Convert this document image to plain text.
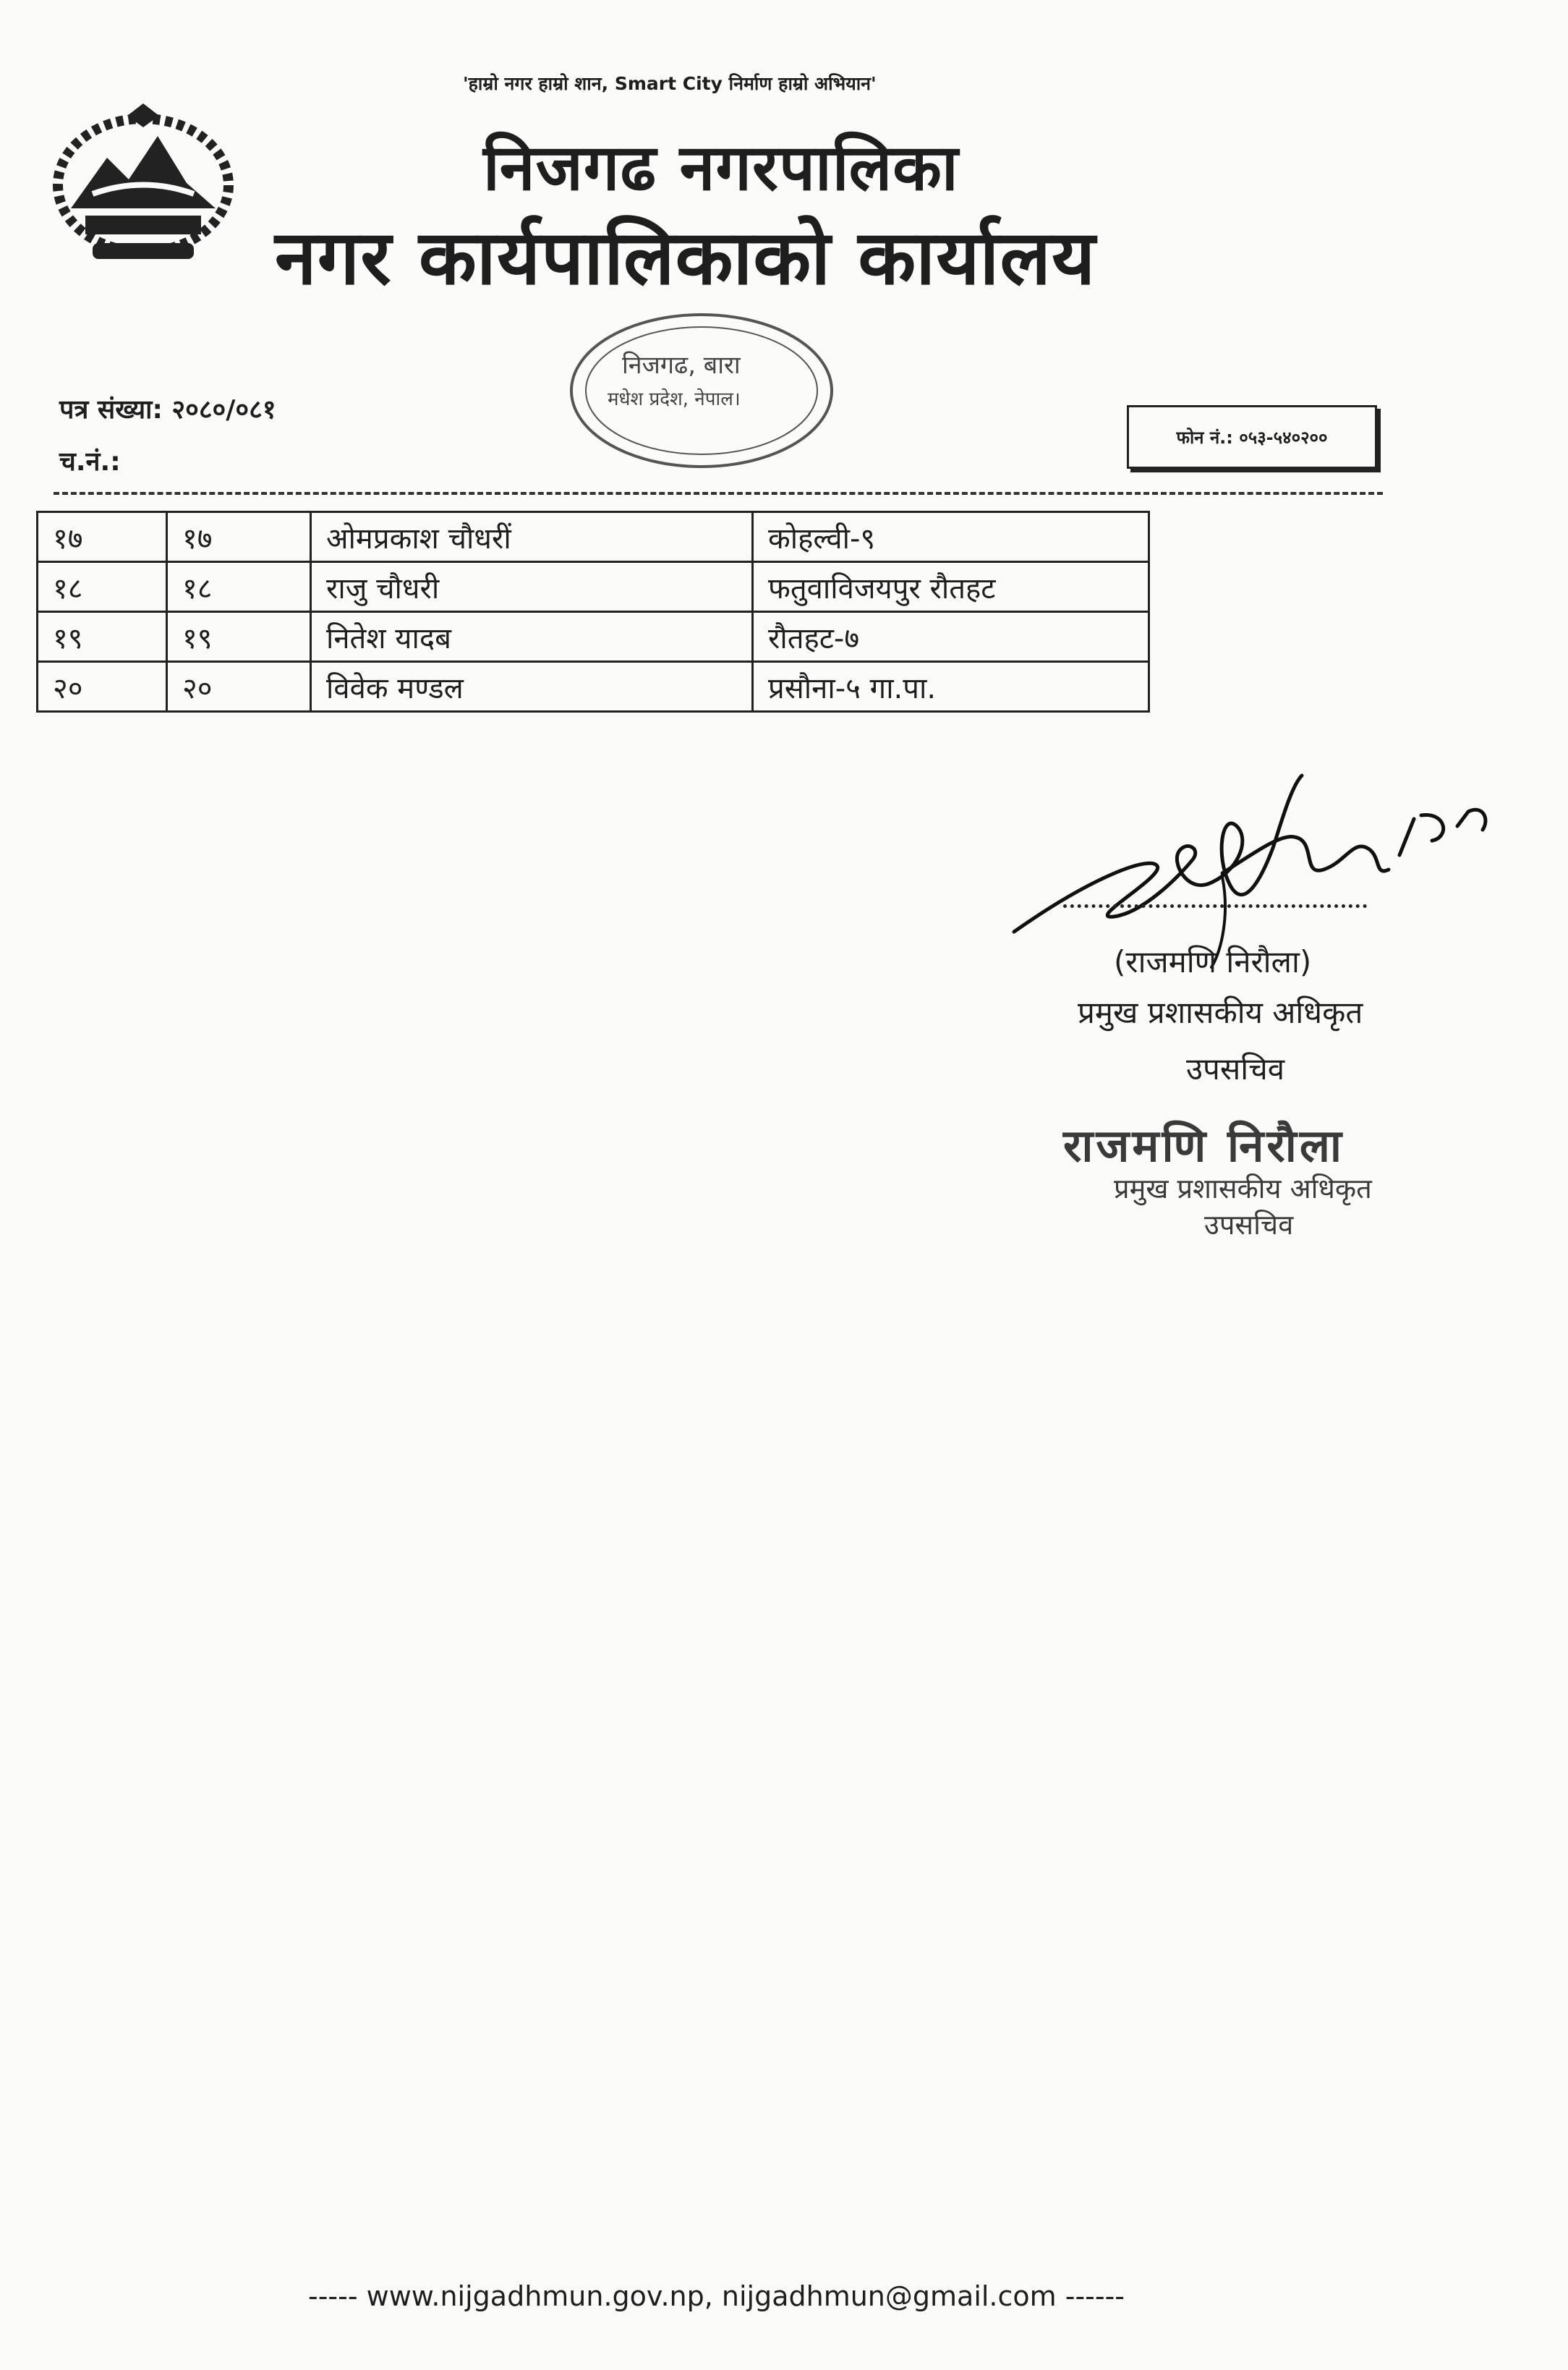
'हाम्रो नगर हाम्रो शान, Smart City निर्माण हाम्रो अभियान'
निजगढ नगरपालिका
नगर कार्यपालिकाको कार्यालय
निजगढ, बारा
मधेश प्रदेश, नेपाल।
पत्र संख्या: २०८०/०८१
च.नं.:
फोन नं.: ०५३-५४०२००
१७	१७	ओमप्रकाश चौधरीं	कोहल्वी-९
१८	१८	राजु चौधरी	फतुवाविजयपुर रौतहट
१९	१९	नितेश यादब	रौतहट-७
२०	२०	विवेक मण्डल	प्रसौना-५ गा.पा.
(राजमणि निरौला)
प्रमुख प्रशासकीय अधिकृत
उपसचिव
राजमणि निरौला
प्रमुख प्रशासकीय अधिकृत
उपसचिव
----- www.nijgadhmun.gov.np, nijgadhmun@gmail.com ------
